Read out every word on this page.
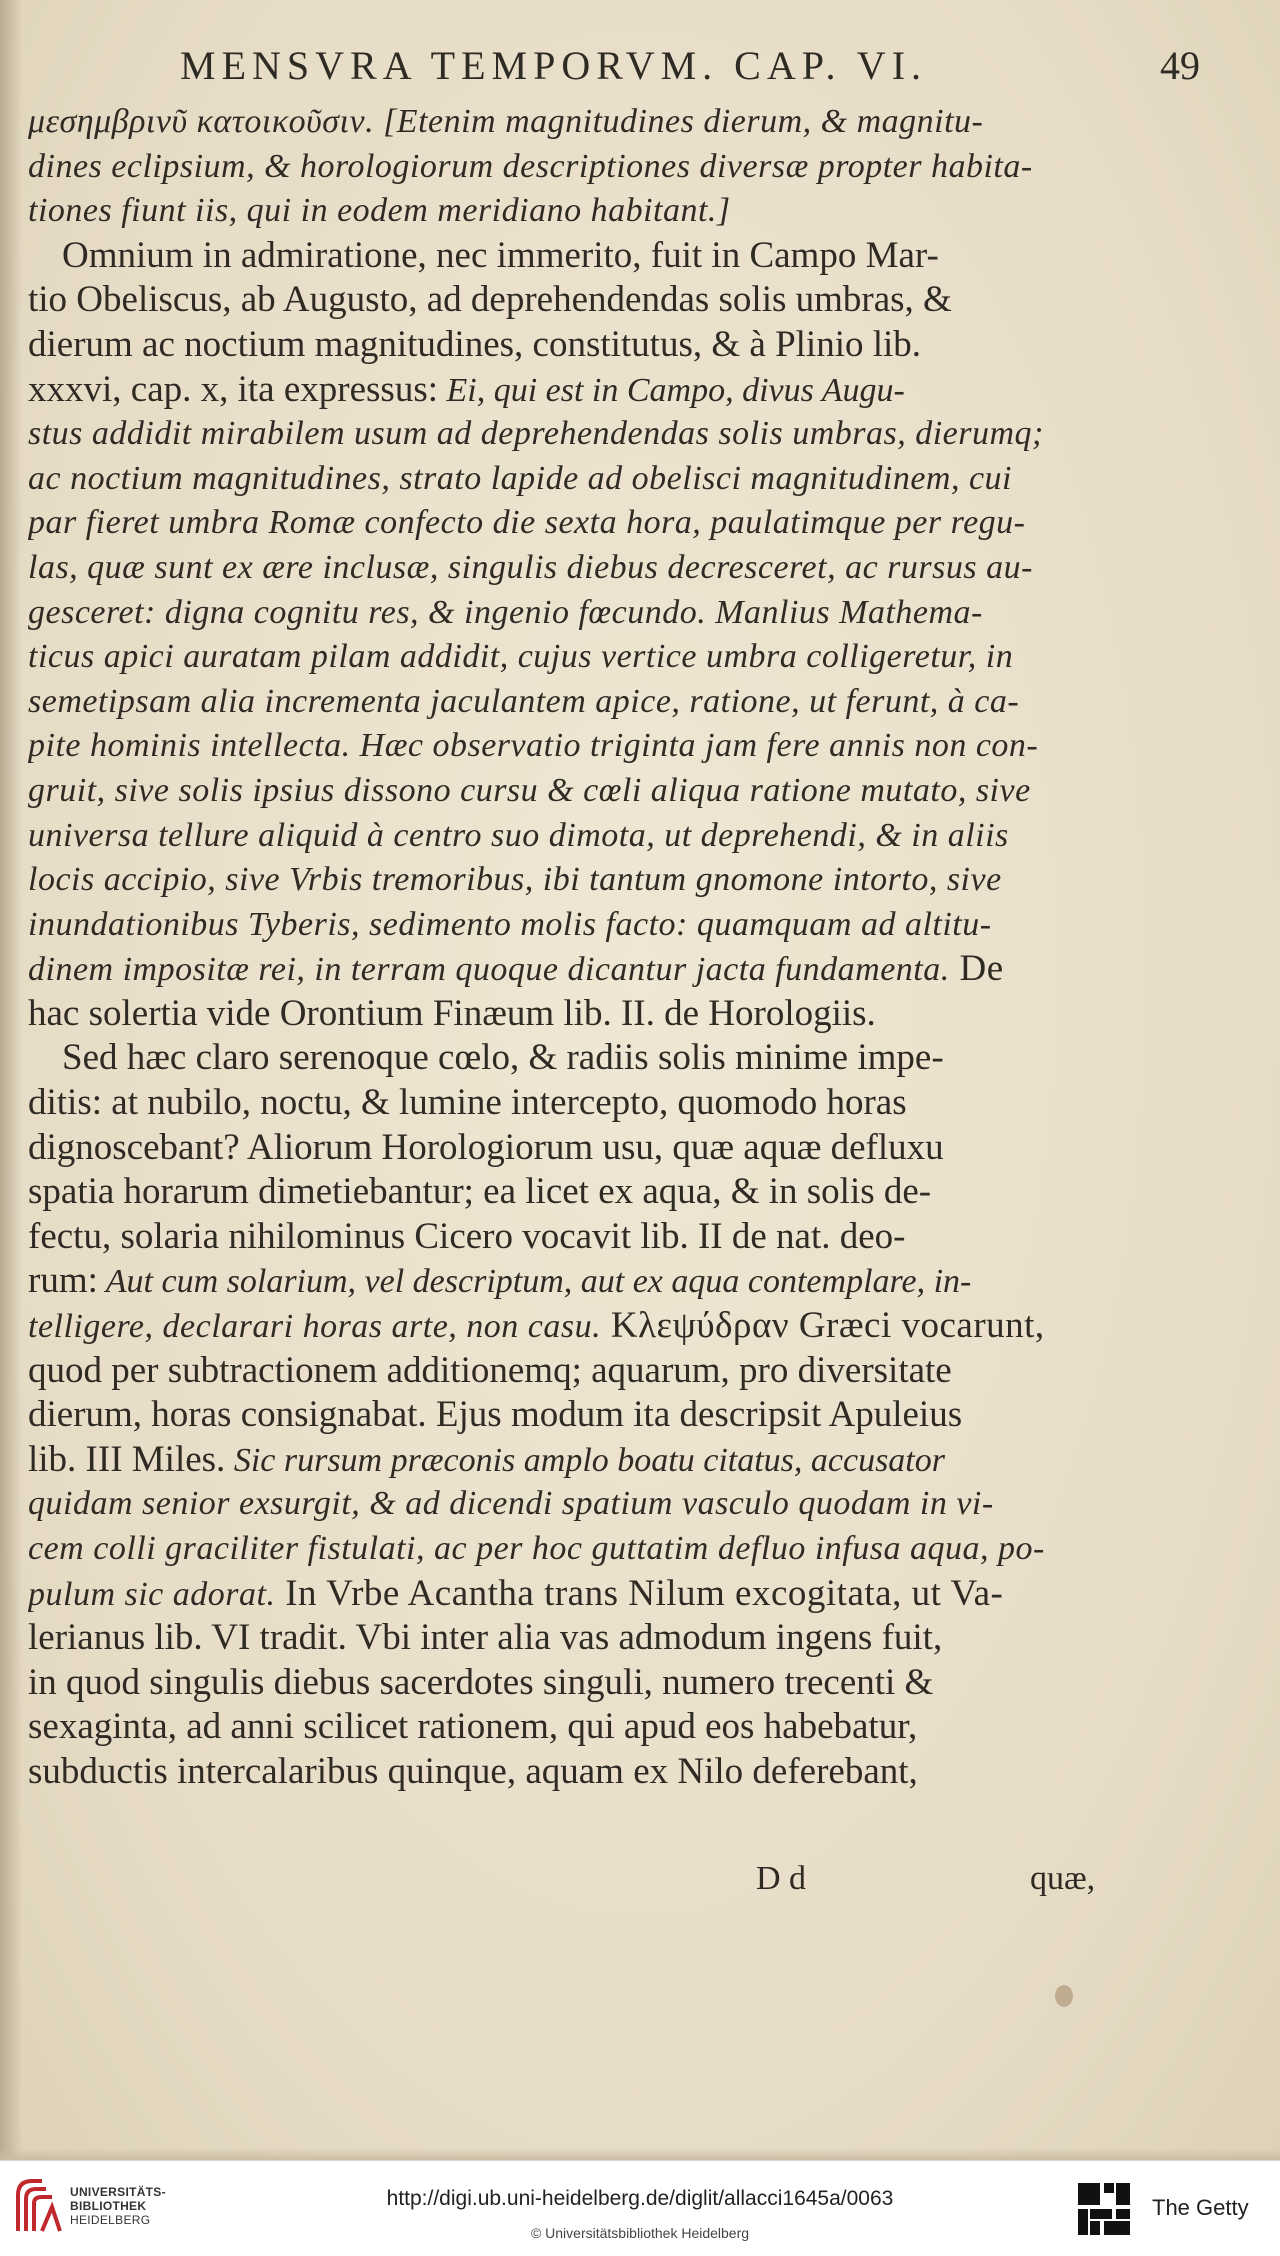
MENSVRA TEMPORVM. CAP. VI.	49
μεσημβρινῦ κατοικοῦσιν. [Etenim magnitudines dierum, & magnitu-
dines eclipsium, & horologiorum descriptiones diversæ propter habita-
tiones fiunt iis, qui in eodem meridiano habitant.]
Omnium in admiratione, nec immerito, fuit in Campo Mar-
tio Obeliscus, ab Augusto, ad deprehendendas solis umbras, &
dierum ac noctium magnitudines, constitutus, & à Plinio lib.
xxxvi, cap. x, ita expressus: Ei, qui est in Campo, divus Augu-
stus addidit mirabilem usum ad deprehendendas solis umbras, dierumq;
ac noctium magnitudines, strato lapide ad obelisci magnitudinem, cui
par fieret umbra Romæ confecto die sexta hora, paulatimque per regu-
las, quæ sunt ex ære inclusæ, singulis diebus decresceret, ac rursus au-
gesceret: digna cognitu res, & ingenio fœcundo. Manlius Mathema-
ticus apici auratam pilam addidit, cujus vertice umbra colligeretur, in
semetipsam alia incrementa jaculantem apice, ratione, ut ferunt, à ca-
pite hominis intellecta. Hæc observatio triginta jam fere annis non con-
gruit, sive solis ipsius dissono cursu & cœli aliqua ratione mutato, sive
universa tellure aliquid à centro suo dimota, ut deprehendi, & in aliis
locis accipio, sive Vrbis tremoribus, ibi tantum gnomone intorto, sive
inundationibus Tyberis, sedimento molis facto: quamquam ad altitu-
dinem impositæ rei, in terram quoque dicantur jacta fundamenta. De
hac solertia vide Orontium Finæum lib. II. de Horologiis.
Sed hæc claro serenoque cœlo, & radiis solis minime impe-
ditis: at nubilo, noctu, & lumine intercepto, quomodo horas
dignoscebant? Aliorum Horologiorum usu, quæ aquæ defluxu
spatia horarum dimetiebantur; ea licet ex aqua, & in solis de-
fectu, solaria nihilominus Cicero vocavit lib. II de nat. deo-
rum: Aut cum solarium, vel descriptum, aut ex aqua contemplare, in-
telligere, declarari horas arte, non casu. Κλεψύδραν Græci vocarunt,
quod per subtractionem additionemq; aquarum, pro diversitate
dierum, horas consignabat. Ejus modum ita descripsit Apuleius
lib. III Miles. Sic rursum præconis amplo boatu citatus, accusator
quidam senior exsurgit, & ad dicendi spatium vasculo quodam in vi-
cem colli graciliter fistulati, ac per hoc guttatim defluo infusa aqua, po-
pulum sic adorat. In Vrbe Acantha trans Nilum excogitata, ut Va-
lerianus lib. VI tradit. Vbi inter alia vas admodum ingens fuit,
in quod singulis diebus sacerdotes singuli, numero trecenti &
sexaginta, ad anni scilicet rationem, qui apud eos habebatur,
subductis intercalaribus quinque, aquam ex Nilo deferebant,
D d	quæ,
UNIVERSITÄTS-
BIBLIOTHEK
HEIDELBERG
http://digi.ub.uni-heidelberg.de/diglit/allacci1645a/0063
© Universitätsbibliothek Heidelberg
The Getty
